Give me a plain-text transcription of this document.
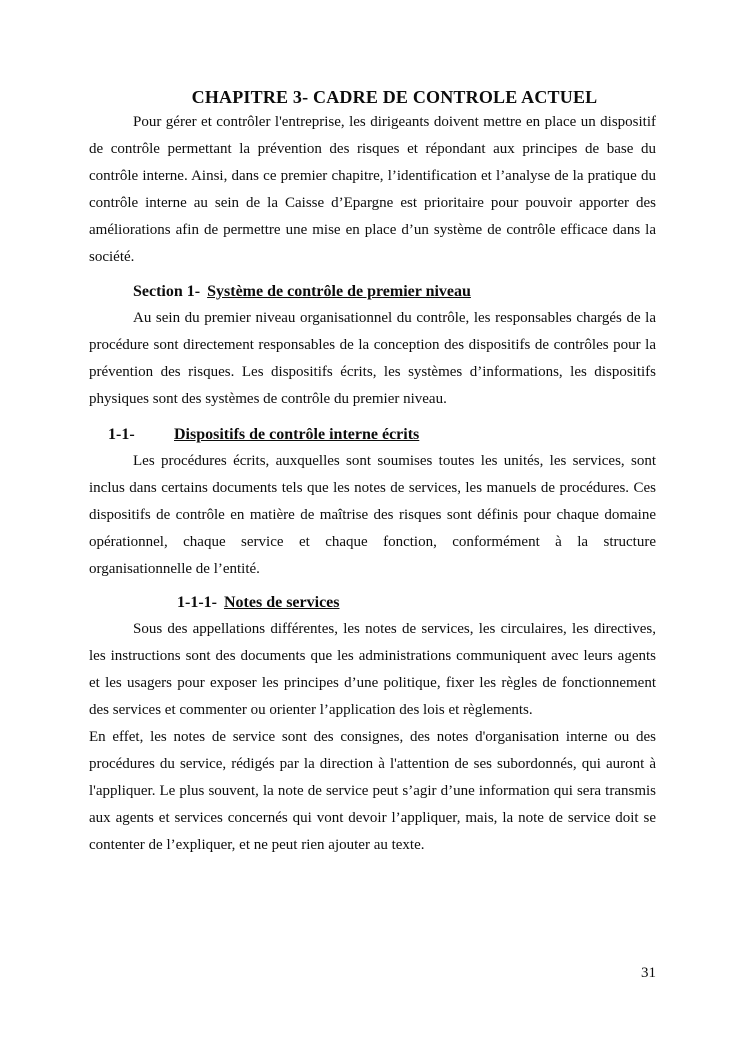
CHAPITRE 3- CADRE DE CONTROLE ACTUEL

Pour gérer et contrôler l'entreprise, les dirigeants doivent mettre en place un dispositif de contrôle permettant la prévention des risques et répondant aux principes de base du contrôle interne. Ainsi, dans ce premier chapitre, l’identification et l’analyse de la pratique du contrôle interne au sein de la Caisse d’Epargne est prioritaire pour pouvoir apporter des améliorations afin de permettre une mise en place d’un système de contrôle efficace dans la société.

Section 1- Système de contrôle de premier niveau

Au sein du premier niveau organisationnel du contrôle, les responsables chargés de la procédure sont directement responsables de la conception des dispositifs de contrôles pour la prévention des risques. Les dispositifs écrits, les systèmes d’informations, les dispositifs physiques sont des systèmes de contrôle du premier niveau.

1-1- Dispositifs de contrôle interne écrits

Les procédures écrits, auxquelles sont soumises toutes les unités, les services, sont inclus dans certains documents tels que les notes de services, les manuels de procédures. Ces dispositifs de contrôle en matière de maîtrise des risques sont définis pour chaque domaine opérationnel, chaque service et chaque fonction, conformément à la structure organisationnelle de l’entité.

1-1-1- Notes de services

Sous des appellations différentes, les notes de services, les circulaires, les directives, les instructions sont des documents que les administrations communiquent avec leurs agents et les usagers pour exposer les principes d’une politique, fixer les règles de fonctionnement des services et commenter ou orienter l’application des lois et règlements.

En effet, les notes de service sont des consignes, des notes d'organisation interne ou des procédures du service, rédigés par la direction à l'attention de ses subordonnés, qui auront à l'appliquer. Le plus souvent, la note de service peut s’agir d’une information qui sera transmis aux agents et services concernés qui vont devoir l’appliquer, mais, la note de service doit se contenter de l’expliquer, et ne peut rien ajouter au texte.

31
